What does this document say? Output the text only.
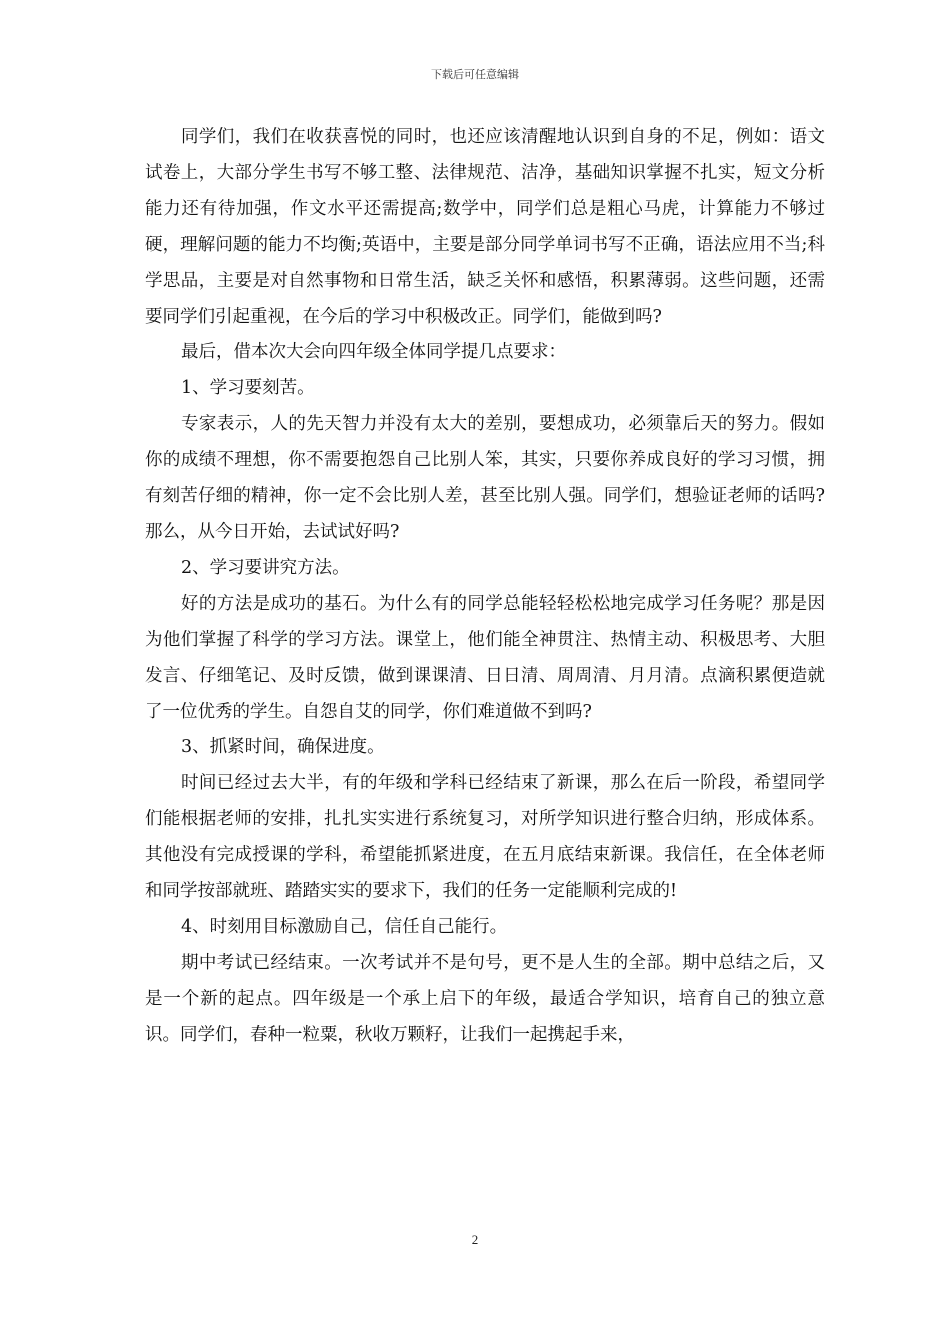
下载后可任意编辑

同学们，我们在收获喜悦的同时，也还应该清醒地认识到自身的不足，例如：语文试卷上，大部分学生书写不够工整、法律规范、洁净，基础知识掌握不扎实，短文分析能力还有待加强，作文水平还需提高;数学中，同学们总是粗心马虎，计算能力不够过硬，理解问题的能力不均衡;英语中，主要是部分同学单词书写不正确，语法应用不当;科学思品，主要是对自然事物和日常生活，缺乏关怀和感悟，积累薄弱。这些问题，还需要同学们引起重视，在今后的学习中积极改正。同学们，能做到吗?

最后，借本次大会向四年级全体同学提几点要求：

1、学习要刻苦。

专家表示，人的先天智力并没有太大的差别，要想成功，必须靠后天的努力。假如你的成绩不理想，你不需要抱怨自己比别人笨，其实，只要你养成良好的学习习惯，拥有刻苦仔细的精神，你一定不会比别人差，甚至比别人强。同学们，想验证老师的话吗?那么，从今日开始，去试试好吗?

2、学习要讲究方法。

好的方法是成功的基石。为什么有的同学总能轻轻松松地完成学习任务呢？那是因为他们掌握了科学的学习方法。课堂上，他们能全神贯注、热情主动、积极思考、大胆发言、仔细笔记、及时反馈，做到课课清、日日清、周周清、月月清。点滴积累便造就了一位优秀的学生。自怨自艾的同学，你们难道做不到吗?

3、抓紧时间，确保进度。

时间已经过去大半，有的年级和学科已经结束了新课，那么在后一阶段，希望同学们能根据老师的安排，扎扎实实进行系统复习，对所学知识进行整合归纳，形成体系。其他没有完成授课的学科，希望能抓紧进度，在五月底结束新课。我信任，在全体老师和同学按部就班、踏踏实实的要求下，我们的任务一定能顺利完成的!

4、时刻用目标激励自己，信任自己能行。

期中考试已经结束。一次考试并不是句号，更不是人生的全部。期中总结之后，又是一个新的起点。四年级是一个承上启下的年级，最适合学知识，培育自己的独立意识。同学们，春种一粒粟，秋收万颗籽，让我们一起携起手来，

2
